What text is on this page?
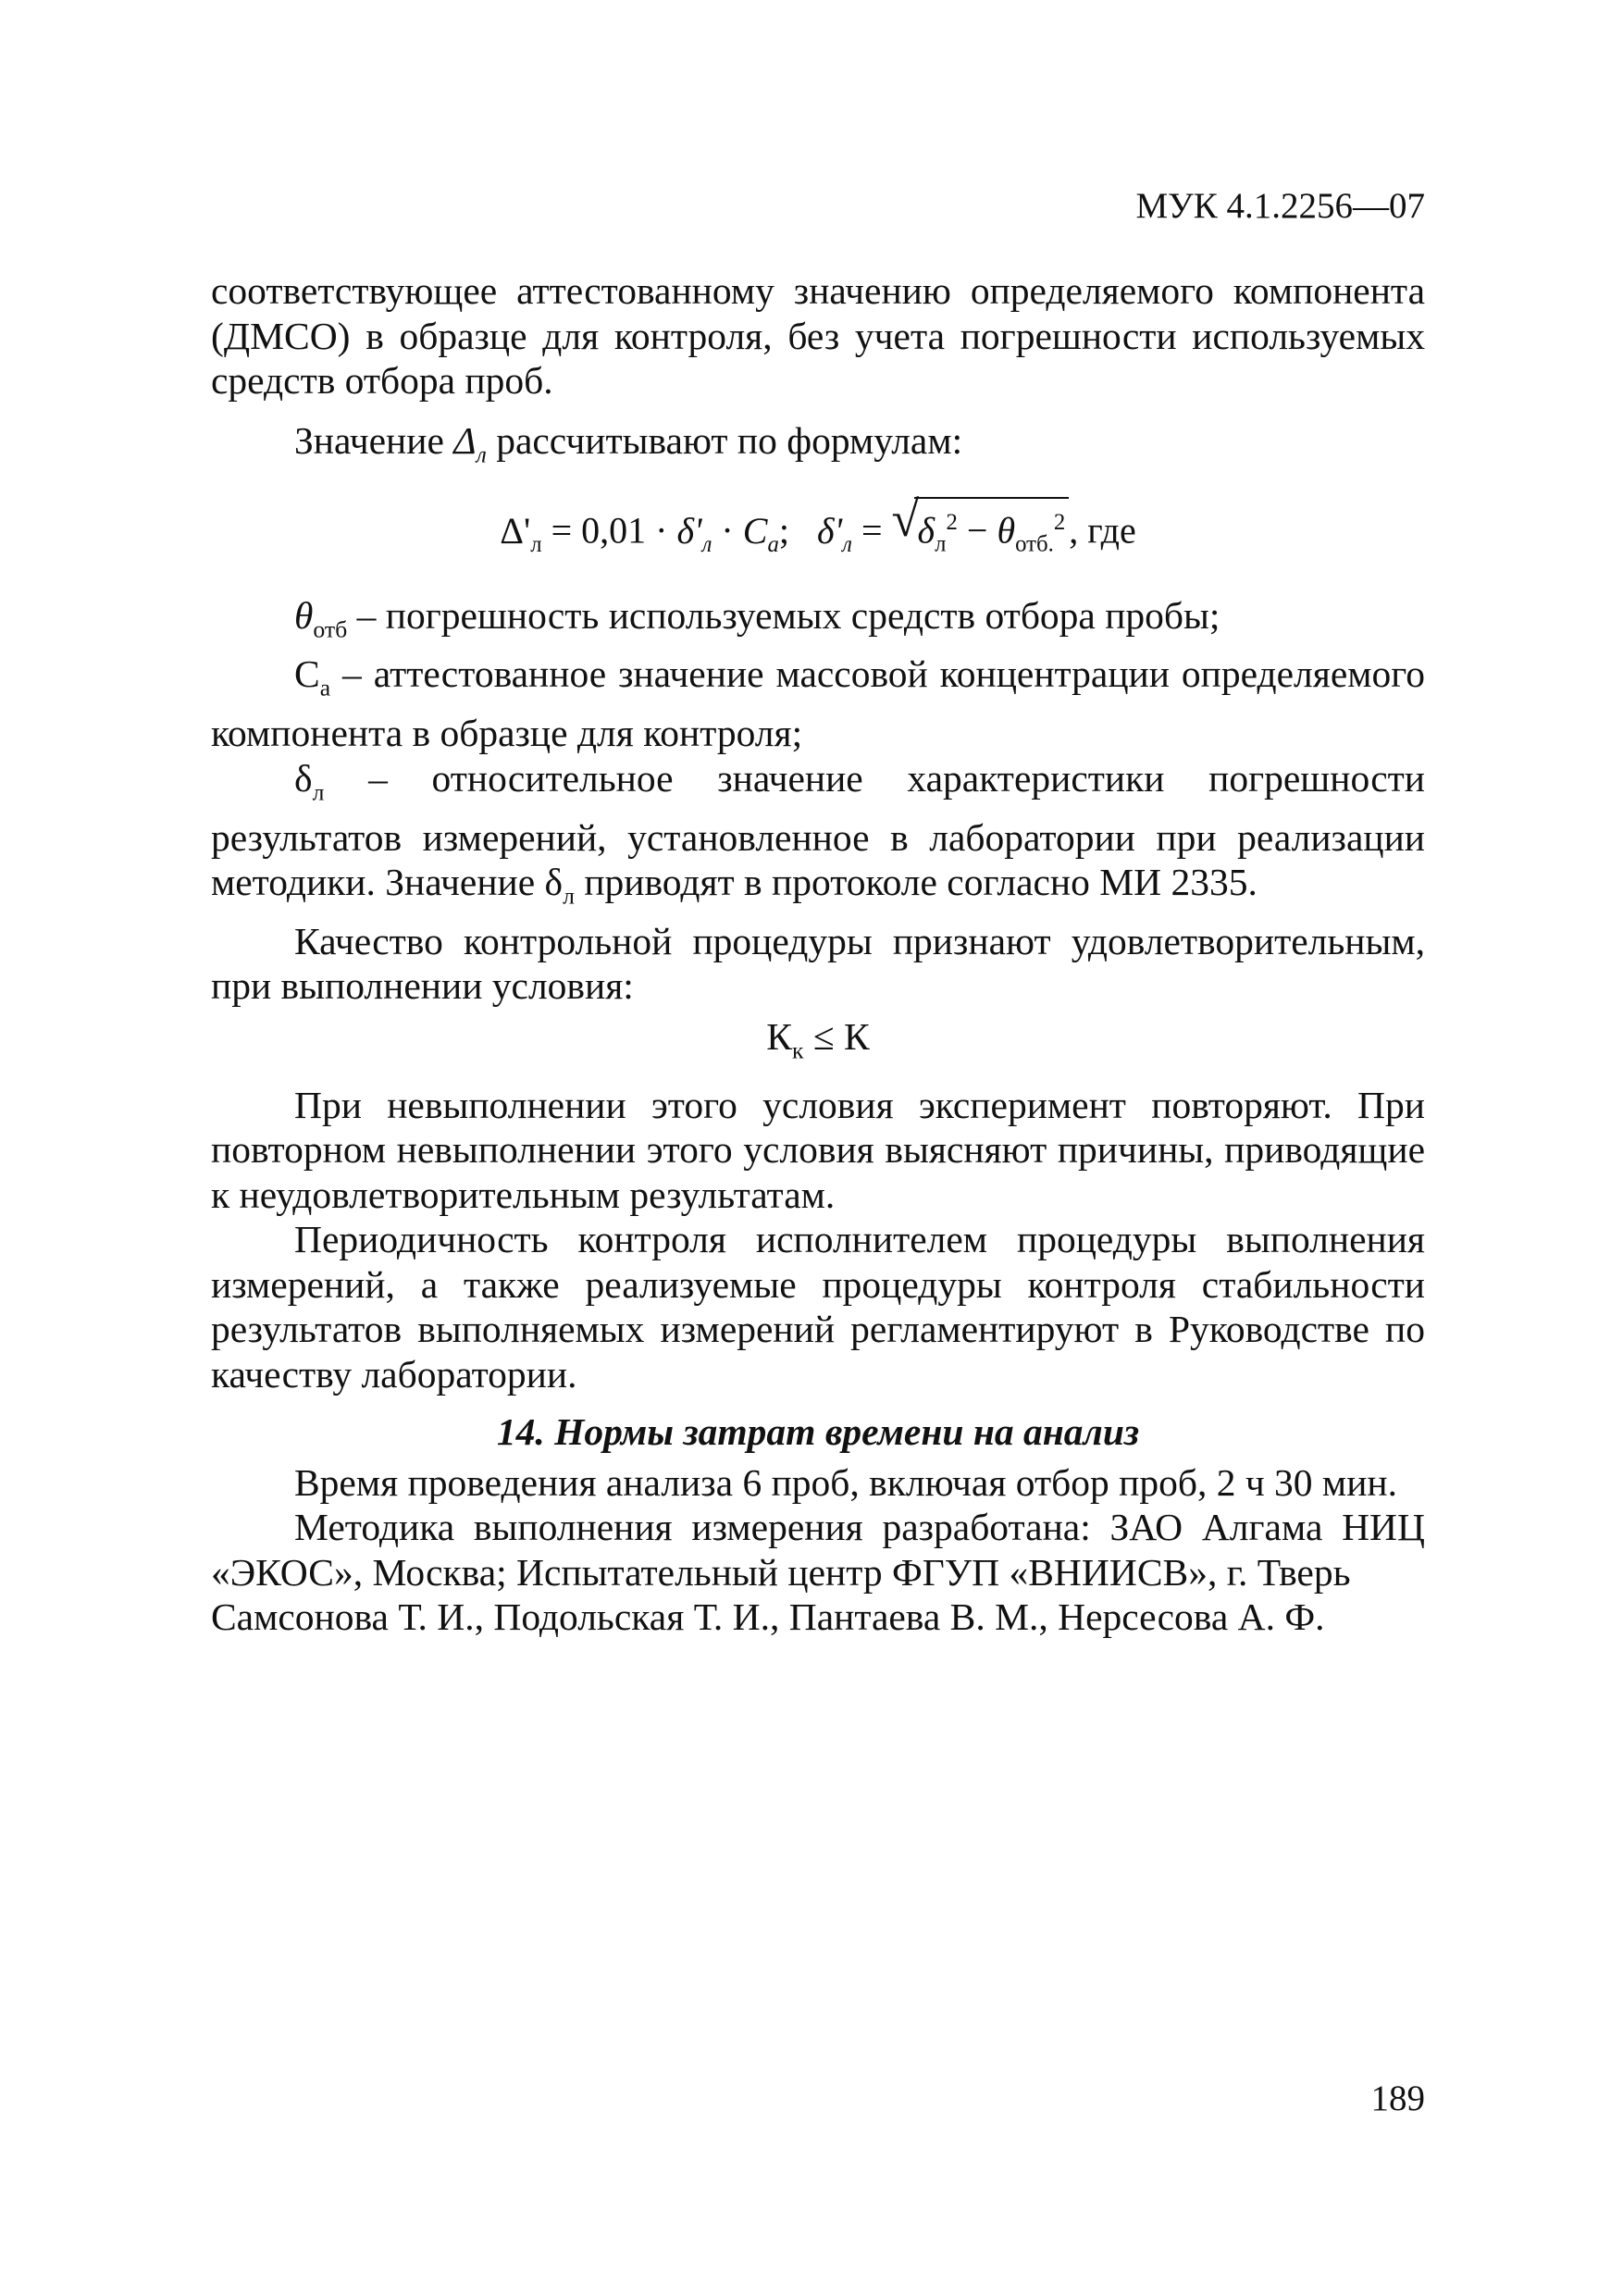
МУК 4.1.2256—07

соответствующее аттестованному значению определяемого компонента (ДМСО) в образце для контроля, без учета погрешности используемых средств отбора проб.

Значение $\Delta_л$ рассчитывают по формулам:

$\Delta'_л = 0,01 \cdot \delta'_л \cdot C_а$; $\delta'_л$ = √
$\delta_л^2 - \theta_{отб.}^2$ , где

$\theta_{отб}$ – погрешность используемых средств отбора пробы;

$С_а$ – аттестованное значение массовой концентрации определяемого компонента в образце для контроля;

$\delta_л$ – относительное значение характеристики погрешности результатов измерений, установленное в лаборатории при реализации методики. Значение $\delta_л$ приводят в протоколе согласно МИ 2335.

Качество контрольной процедуры признают удовлетворительным, при выполнении условия:

$К_к \le К$

При невыполнении этого условия эксперимент повторяют. При повторном невыполнении этого условия выясняют причины, приводящие к неудовлетворительным результатам.

Периодичность контроля исполнителем процедуры выполнения измерений, а также реализуемые процедуры контроля стабильности результатов выполняемых измерений регламентируют в Руководстве по качеству лаборатории.

14. Нормы затрат времени на анализ

Время проведения анализа 6 проб, включая отбор проб, 2 ч 30 мин.

Методика выполнения измерения разработана: ЗАО Алгама НИЦ «ЭКОС», Москва; Испытательный центр ФГУП «ВНИИСВ», г. Тверь

Самсонова Т. И., Подольская Т. И., Пантаева В. М., Нерсесова А. Ф.

189
